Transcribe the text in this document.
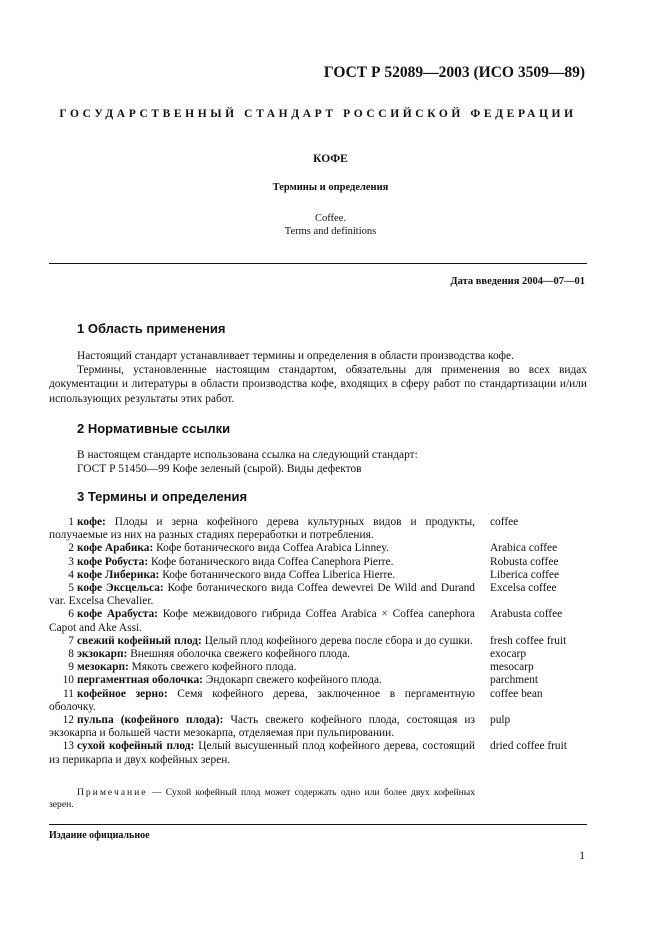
ГОСТ Р 52089—2003 (ИСО 3509—89)
ГОСУДАРСТВЕННЫЙ СТАНДАРТ РОССИЙСКОЙ ФЕДЕРАЦИИ
КОФЕ
Термины и определения
Coffee.
Terms and definitions
Дата введения 2004—07—01
1 Область применения
Настоящий стандарт устанавливает термины и определения в области производства кофе.
Термины, установленные настоящим стандартом, обязательны для применения во всех видах документации и литературы в области производства кофе, входящих в сферу работ по стандартизации и/или использующих результаты этих работ.
2 Нормативные ссылки
В настоящем стандарте использована ссылка на следующий стандарт:
ГОСТ Р 51450—99 Кофе зеленый (сырой). Виды дефектов
3 Термины и определения
1 кофе: Плоды и зерна кофейного дерева культурных видов и продукты, получаемые из них на разных стадиях переработки и потребления.
coffee
2 кофе Арабика: Кофе ботанического вида Coffea Arabica Linney.	Arabica coffee
3 кофе Робуста: Кофе ботанического вида Coffea Canephora Pierre.	Robusta coffee
4 кофе Либерика: Кофе ботанического вида Coffea Liberica Hierre.	Liberica coffee
5 кофе Эксцельса: Кофе ботанического вида Coffea dewevrei De Wild and Durand var. Excelsa Chevalier.
Excelsa coffee
6 кофе Арабуста: Кофе межвидового гибрида Coffea Arabica × Coffea canephora Capot and Ake Assi.
Arabusta coffee
7 свежий кофейный плод: Целый плод кофейного дерева после сбора и до сушки.	fresh coffee fruit
8 экзокарп: Внешняя оболочка свежего кофейного плода.	exocarp
9 мезокарп: Мякоть свежего кофейного плода.	mesocarp
10 пергаментная оболочка: Эндокарп свежего кофейного плода.	parchment
11 кофейное зерно: Семя кофейного дерева, заключенное в пергаментную оболочку.
coffee bean
12 пульпа (кофейного плода): Часть свежего кофейного плода, состоящая из экзокарпа и большей части мезокарпа, отделяемая при пульпировании.
pulp
13 сухой кофейный плод: Целый высушенный плод кофейного дерева, состоящий из перикарпа и двух кофейных зерен.
dried coffee fruit
Примечание — Сухой кофейный плод может содержать одно или более двух кофейных зерен.
Издание официальное
1
